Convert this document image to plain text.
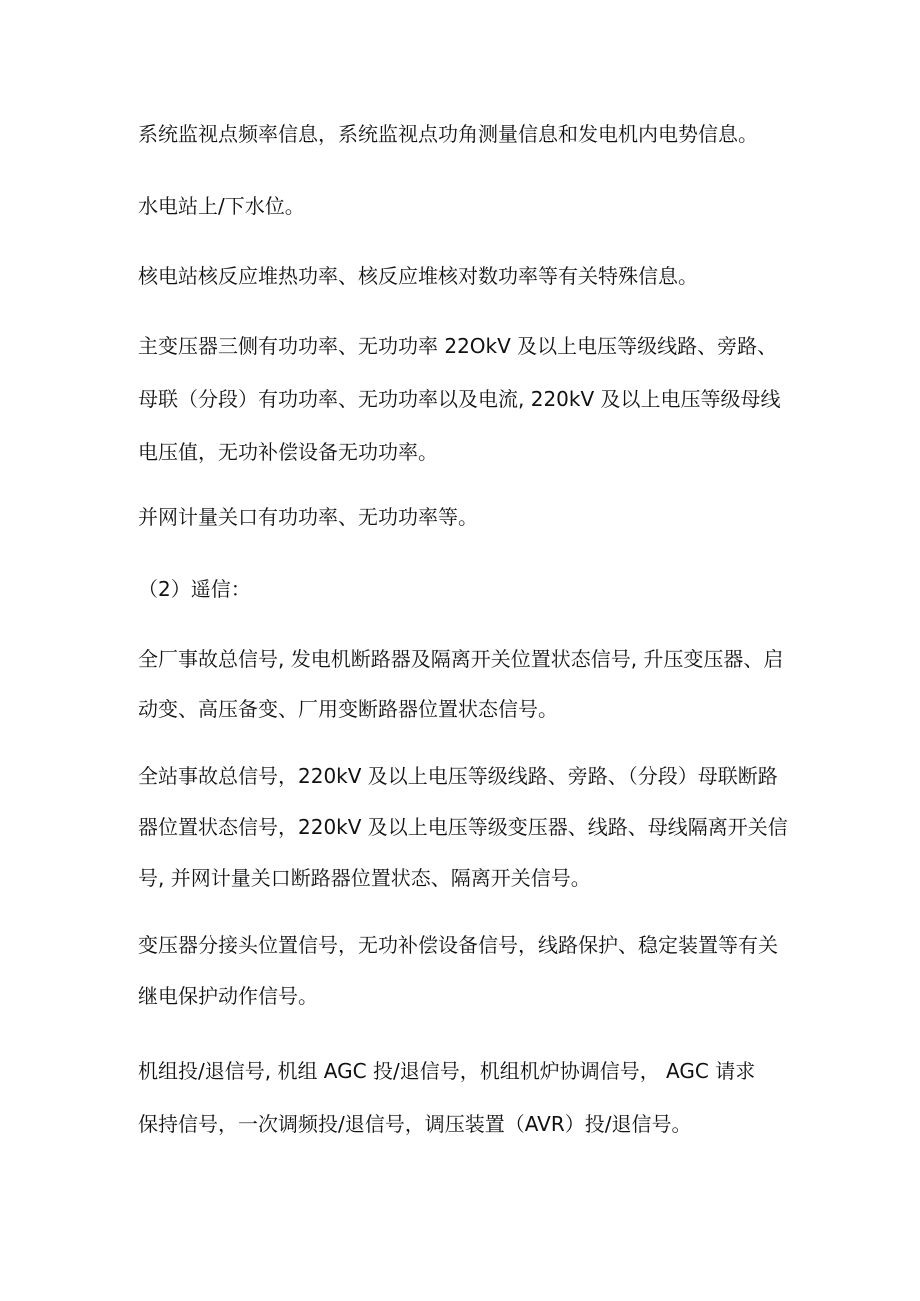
系统监视点频率信息，系统监视点功角测量信息和发电机内电势信息。

水电站上/下水位。

核电站核反应堆热功率、核反应堆核对数功率等有关特殊信息。

主变压器三侧有功功率、无功功率 22OkV 及以上电压等级线路、旁路、
母联（分段）有功功率、无功功率以及电流, 220kV 及以上电压等级母线
电压值，无功补偿设备无功功率。

并网计量关口有功功率、无功功率等。

（2）遥信：

全厂事故总信号, 发电机断路器及隔离开关位置状态信号, 升压变压器、启
动变、高压备变、厂用变断路器位置状态信号。

全站事故总信号，220kV 及以上电压等级线路、旁路、（分段）母联断路
器位置状态信号，220kV 及以上电压等级变压器、线路、母线隔离开关信
号, 并网计量关口断路器位置状态、隔离开关信号。

变压器分接头位置信号，无功补偿设备信号，线路保护、稳定装置等有关
继电保护动作信号。

机组投/退信号, 机组 AGC 投/退信号，机组机炉协调信号， AGC 请求
保持信号，一次调频投/退信号，调压装置（AVR）投/退信号。
